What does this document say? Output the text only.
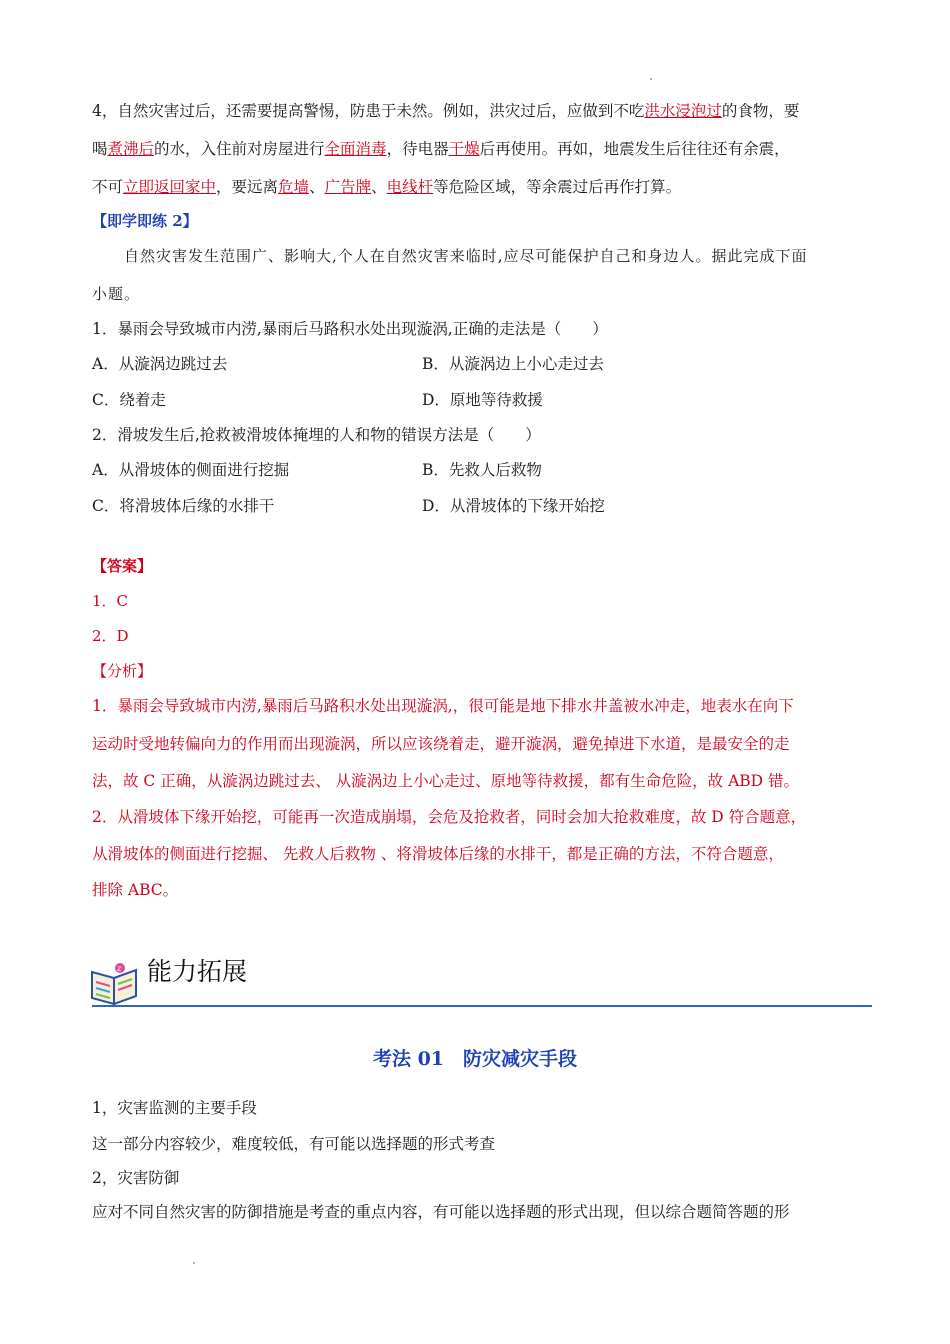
4，自然灾害过后，还需要提高警惕，防患于未然。例如，洪灾过后，应做到不吃洪水浸泡过的食物，要
喝煮沸后的水，入住前对房屋进行全面消毒，待电器干燥后再使用。再如，地震发生后往往还有余震，
不可立即返回家中，要远离危墙、广告牌、电线杆等危险区域，等余震过后再作打算。
【即学即练 2】
自然灾害发生范围广、影响大,个人在自然灾害来临时,应尽可能保护自己和身边人。据此完成下面
小题。
1．暴雨会导致城市内涝,暴雨后马路积水处出现漩涡,正确的走法是（　　）
A．从漩涡边跳过去	B．从漩涡边上小心走过去
C．绕着走	D．原地等待救援
2．滑坡发生后,抢救被滑坡体掩埋的人和物的错误方法是（　　）
A．从滑坡体的侧面进行挖掘	B．先救人后救物
C．将滑坡体后缘的水排干	D．从滑坡体的下缘开始挖
【答案】
1．C
2．D
【分析】
1．暴雨会导致城市内涝,暴雨后马路积水处出现漩涡,，很可能是地下排水井盖被水冲走，地表水在向下
运动时受地转偏向力的作用而出现漩涡，所以应该绕着走，避开漩涡，避免掉进下水道，是最安全的走
法，故 C 正确，从漩涡边跳过去、 从漩涡边上小心走过、原地等待救援，都有生命危险，故 ABD 错。
2．从滑坡体下缘开始挖，可能再一次造成崩塌，会危及抢救者，同时会加大抢救难度，故 D 符合题意，
从滑坡体的侧面进行挖掘、 先救人后救物 、将滑坡体后缘的水排干，都是正确的方法，不符合题意，
排除 ABC。
z 能力拓展
考法 01　防灾减灾手段
1，灾害监测的主要手段
这一部分内容较少，难度较低，有可能以选择题的形式考查
2，灾害防御
应对不同自然灾害的防御措施是考查的重点内容，有可能以选择题的形式出现，但以综合题简答题的形
